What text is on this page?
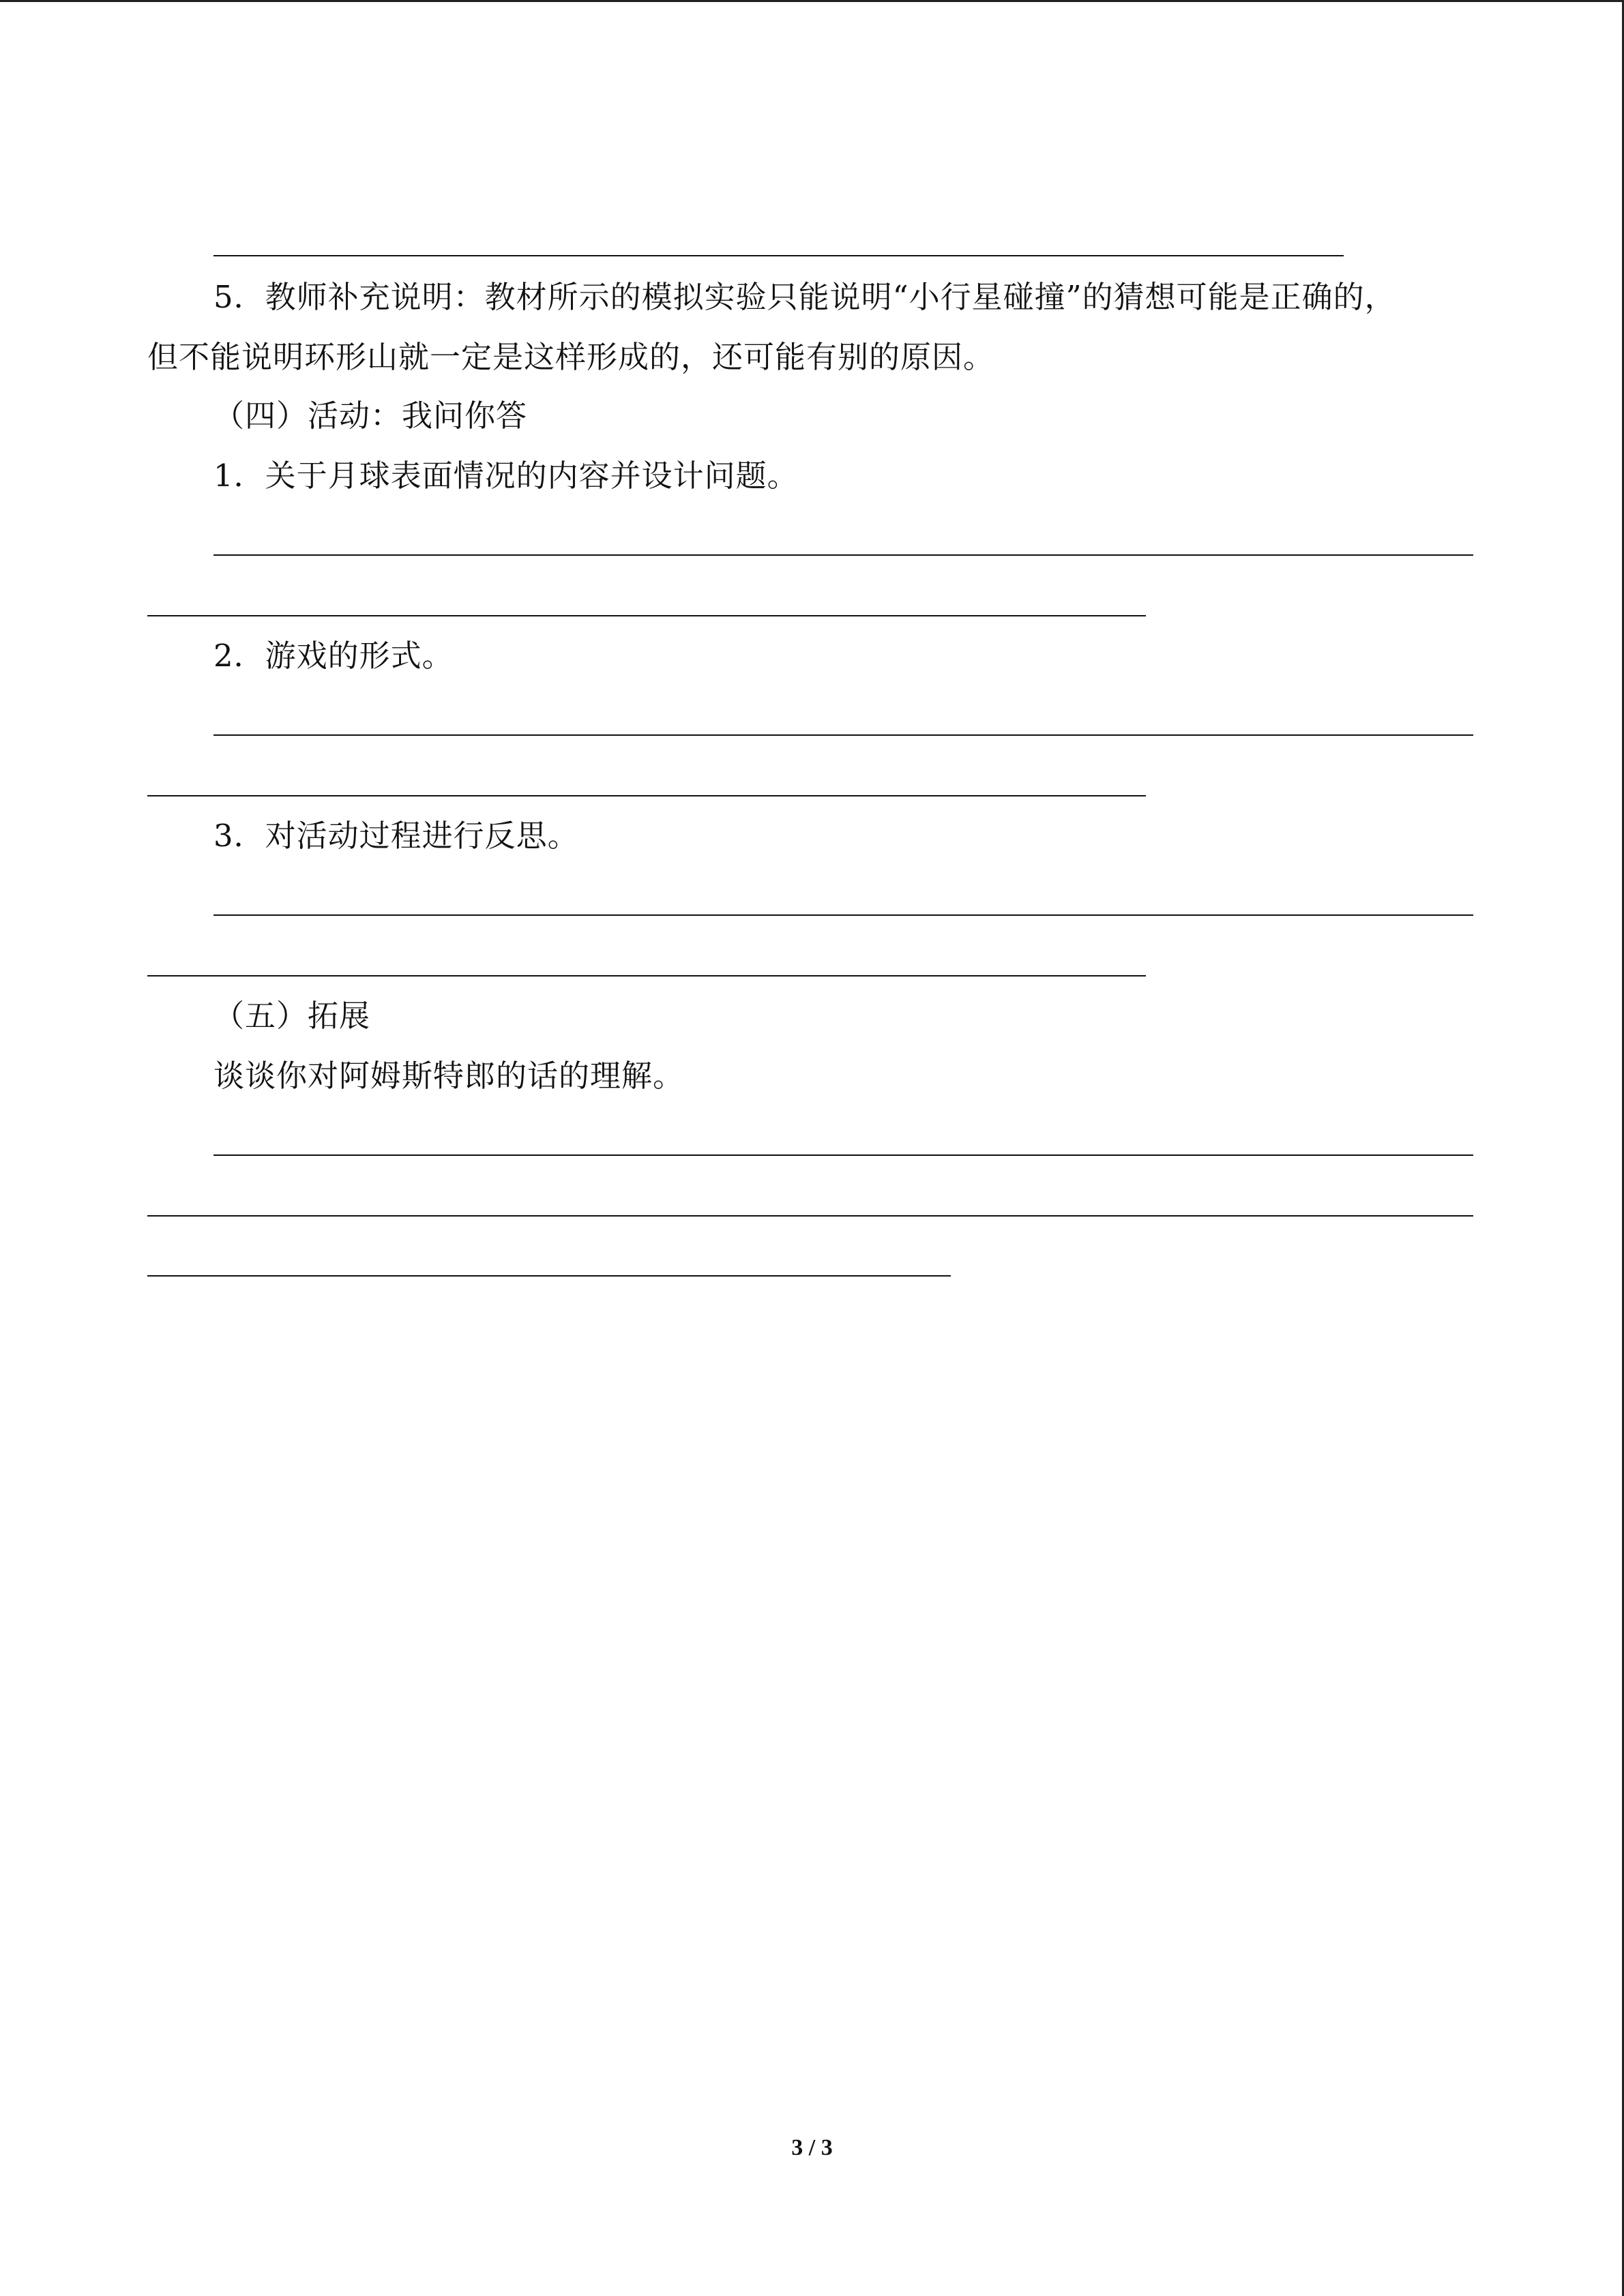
5．教师补充说明：教材所示的模拟实验只能说明“小行星碰撞”的猜想可能是正确的，
但不能说明环形山就一定是这样形成的，还可能有别的原因。
（四）活动：我问你答
1．关于月球表面情况的内容并设计问题。
2．游戏的形式。
3．对活动过程进行反思。
（五）拓展
谈谈你对阿姆斯特郎的话的理解。
3 / 3
